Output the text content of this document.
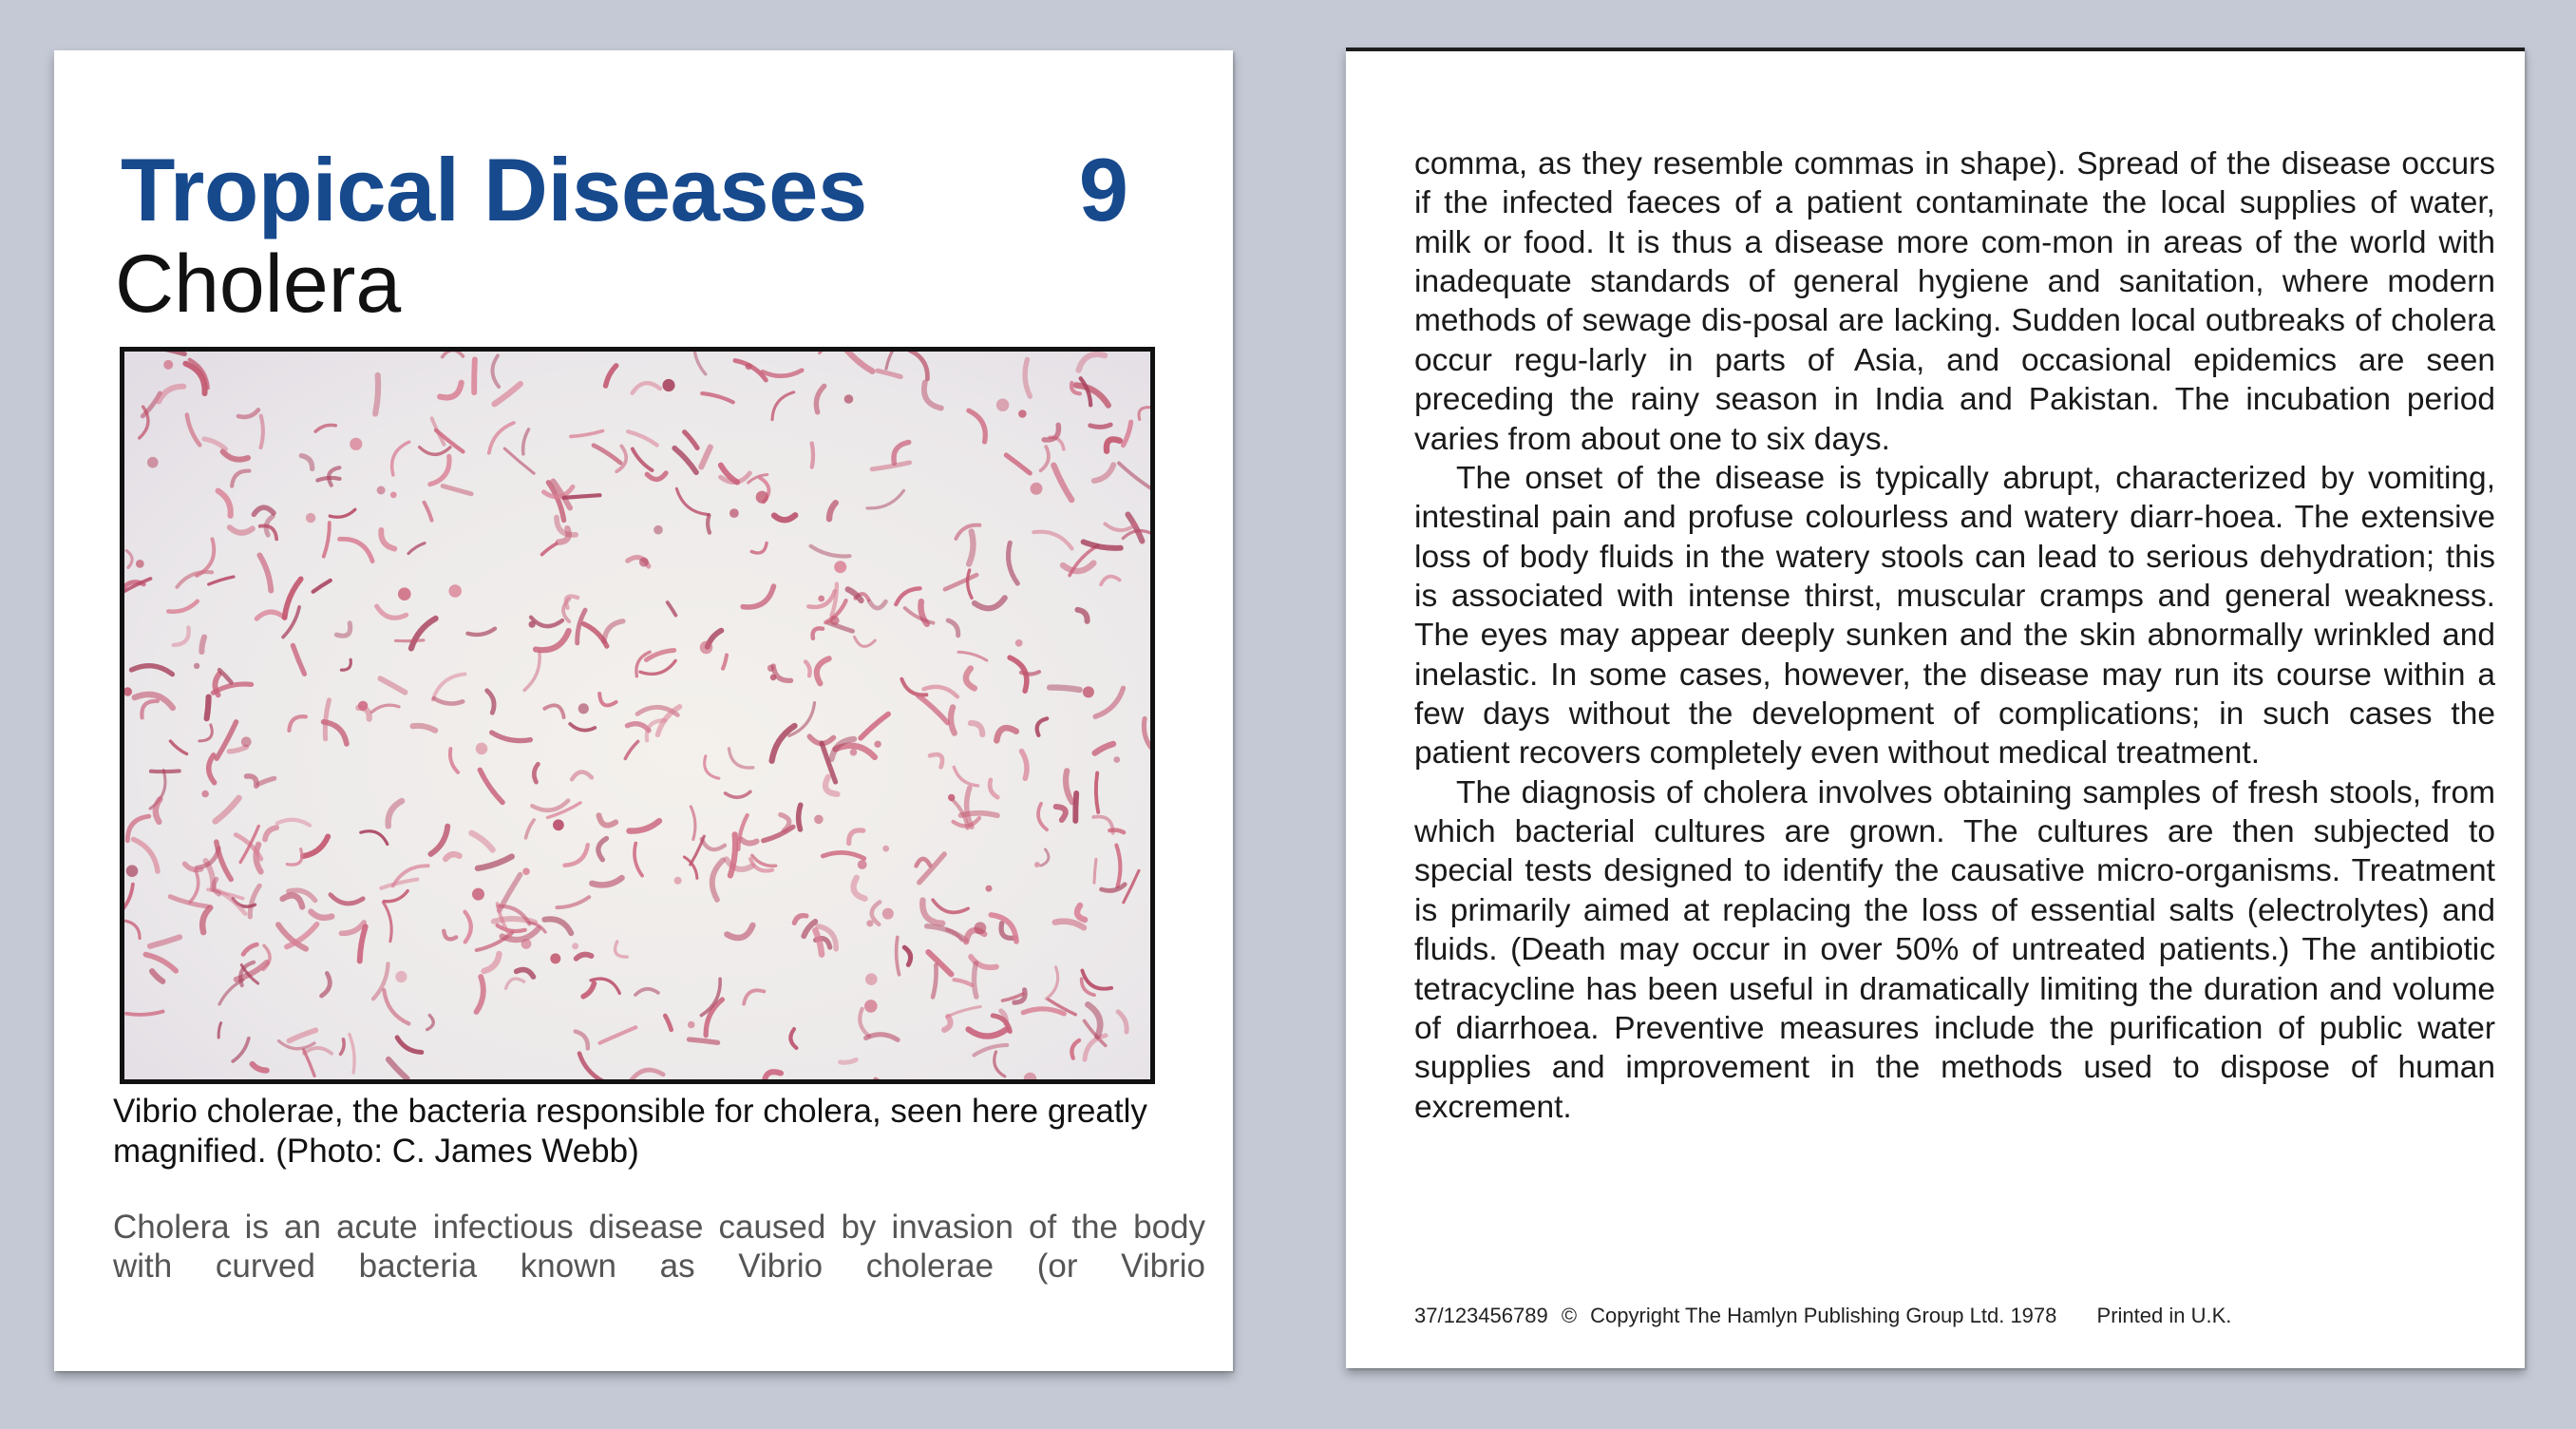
Tropical Diseases 9
Cholera

Vibrio cholerae, the bacteria responsible for cholera, seen here greatly magnified. (Photo: C. James Webb)

Cholera is an acute infectious disease caused by invasion of the body with curved bacteria known as Vibrio cholerae (or Vibrio

comma, as they resemble commas in shape). Spread of the disease occurs if the infected faeces of a patient contaminate the local supplies of water, milk or food. It is thus a disease more com-mon in areas of the world with inadequate standards of general hygiene and sanitation, where modern methods of sewage dis-posal are lacking. Sudden local outbreaks of cholera occur regu-larly in parts of Asia, and occasional epidemics are seen preceding the rainy season in India and Pakistan. The incubation period varies from about one to six days.

The onset of the disease is typically abrupt, characterized by vomiting, intestinal pain and profuse colourless and watery diarr-hoea. The extensive loss of body fluids in the watery stools can lead to serious dehydration; this is associated with intense thirst, muscular cramps and general weakness. The eyes may appear deeply sunken and the skin abnormally wrinkled and inelastic. In some cases, however, the disease may run its course within a few days without the development of complications; in such cases the patient recovers completely even without medical treatment.

The diagnosis of cholera involves obtaining samples of fresh stools, from which bacterial cultures are grown. The cultures are then subjected to special tests designed to identify the causative micro-organisms. Treatment is primarily aimed at replacing the loss of essential salts (electrolytes) and fluids. (Death may occur in over 50% of untreated patients.) The antibiotic tetracycline has been useful in dramatically limiting the duration and volume of diarrhoea. Preventive measures include the purification of public water supplies and improvement in the methods used to dispose of human excrement.

37/123456789 © Copyright The Hamlyn Publishing Group Ltd. 1978 Printed in U.K.
